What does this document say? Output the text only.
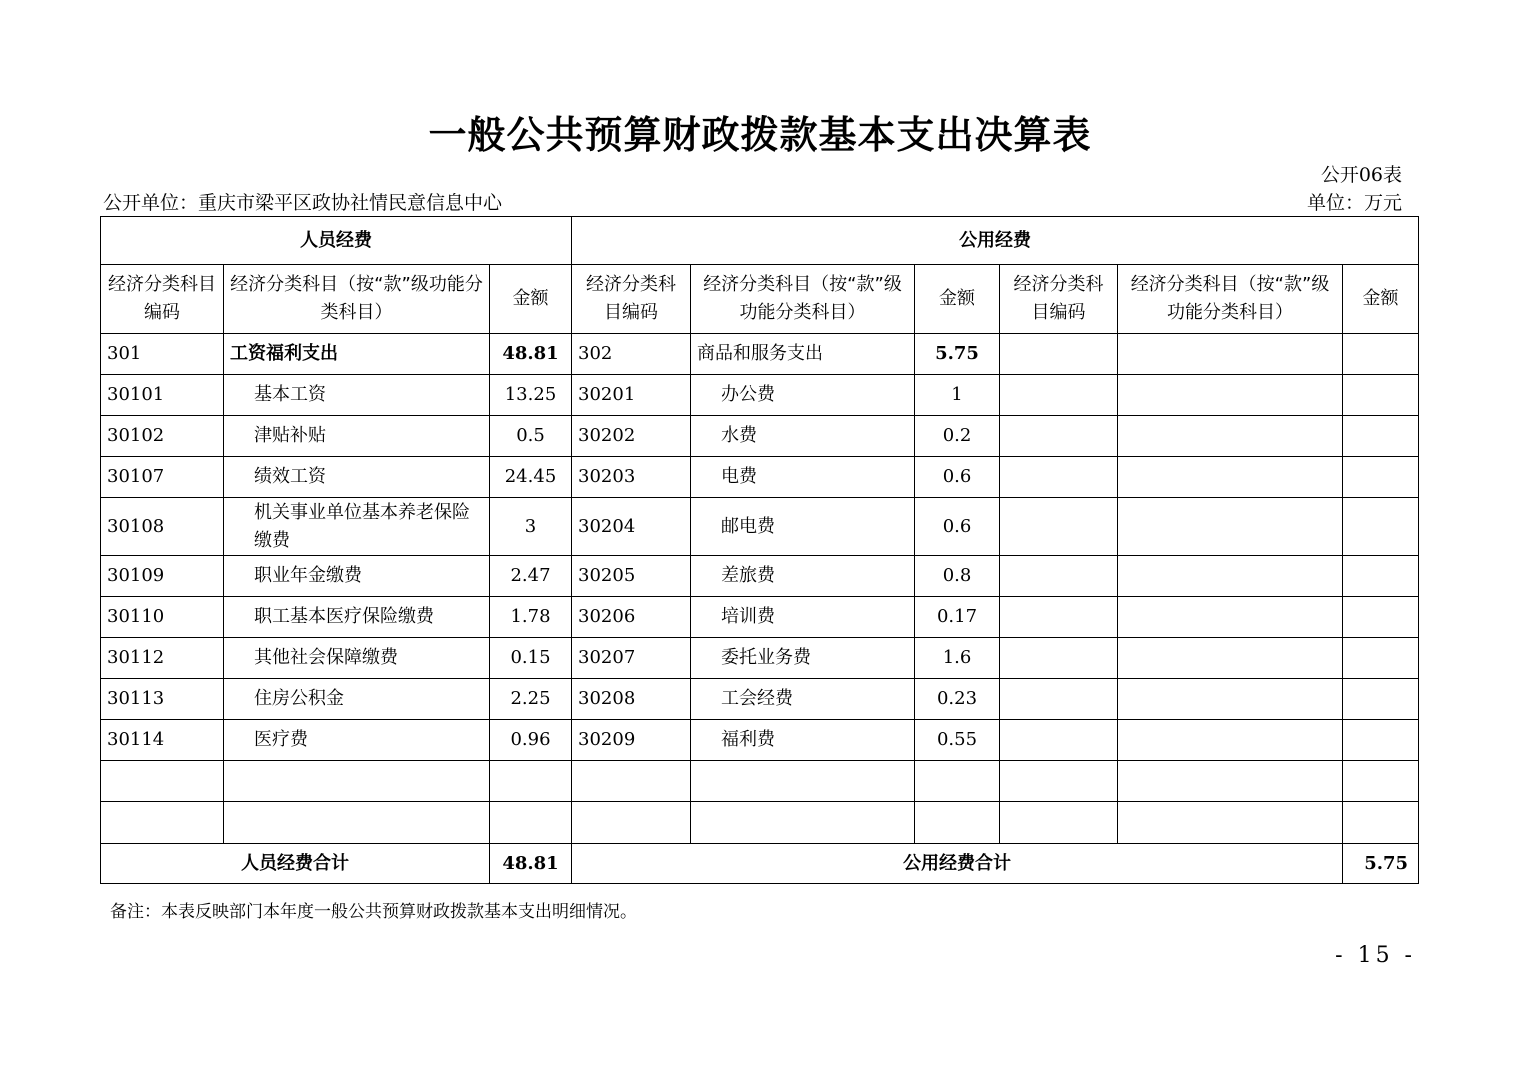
一般公共预算财政拨款基本支出决算表
公开06表
单位：万元
公开单位：重庆市梁平区政协社情民意信息中心
人员经费			公用经费					
经济分类科目编码	经济分类科目（按“款”级功能分类科目）	金额	经济分类科目编码	经济分类科目（按“款”级功能分类科目）	金额	经济分类科目编码	经济分类科目（按“款”级功能分类科目）	金额
301	工资福利支出	48.81	302	商品和服务支出	5.75			
30101	基本工资	13.25	30201	办公费	1			
30102	津贴补贴	0.5	30202	水费	0.2			
30107	绩效工资	24.45	30203	电费	0.6			
30108	机关事业单位基本养老保险缴费	3	30204	邮电费	0.6			
30109	职业年金缴费	2.47	30205	差旅费	0.8			
30110	职工基本医疗保险缴费	1.78	30206	培训费	0.17			
30112	其他社会保障缴费	0.15	30207	委托业务费	1.6			
30113	住房公积金	2.25	30208	工会经费	0.23			
30114	医疗费	0.96	30209	福利费	0.55			

人员经费合计		48.81	公用经费合计					5.75
备注：本表反映部门本年度一般公共预算财政拨款基本支出明细情况。
- 15 -
